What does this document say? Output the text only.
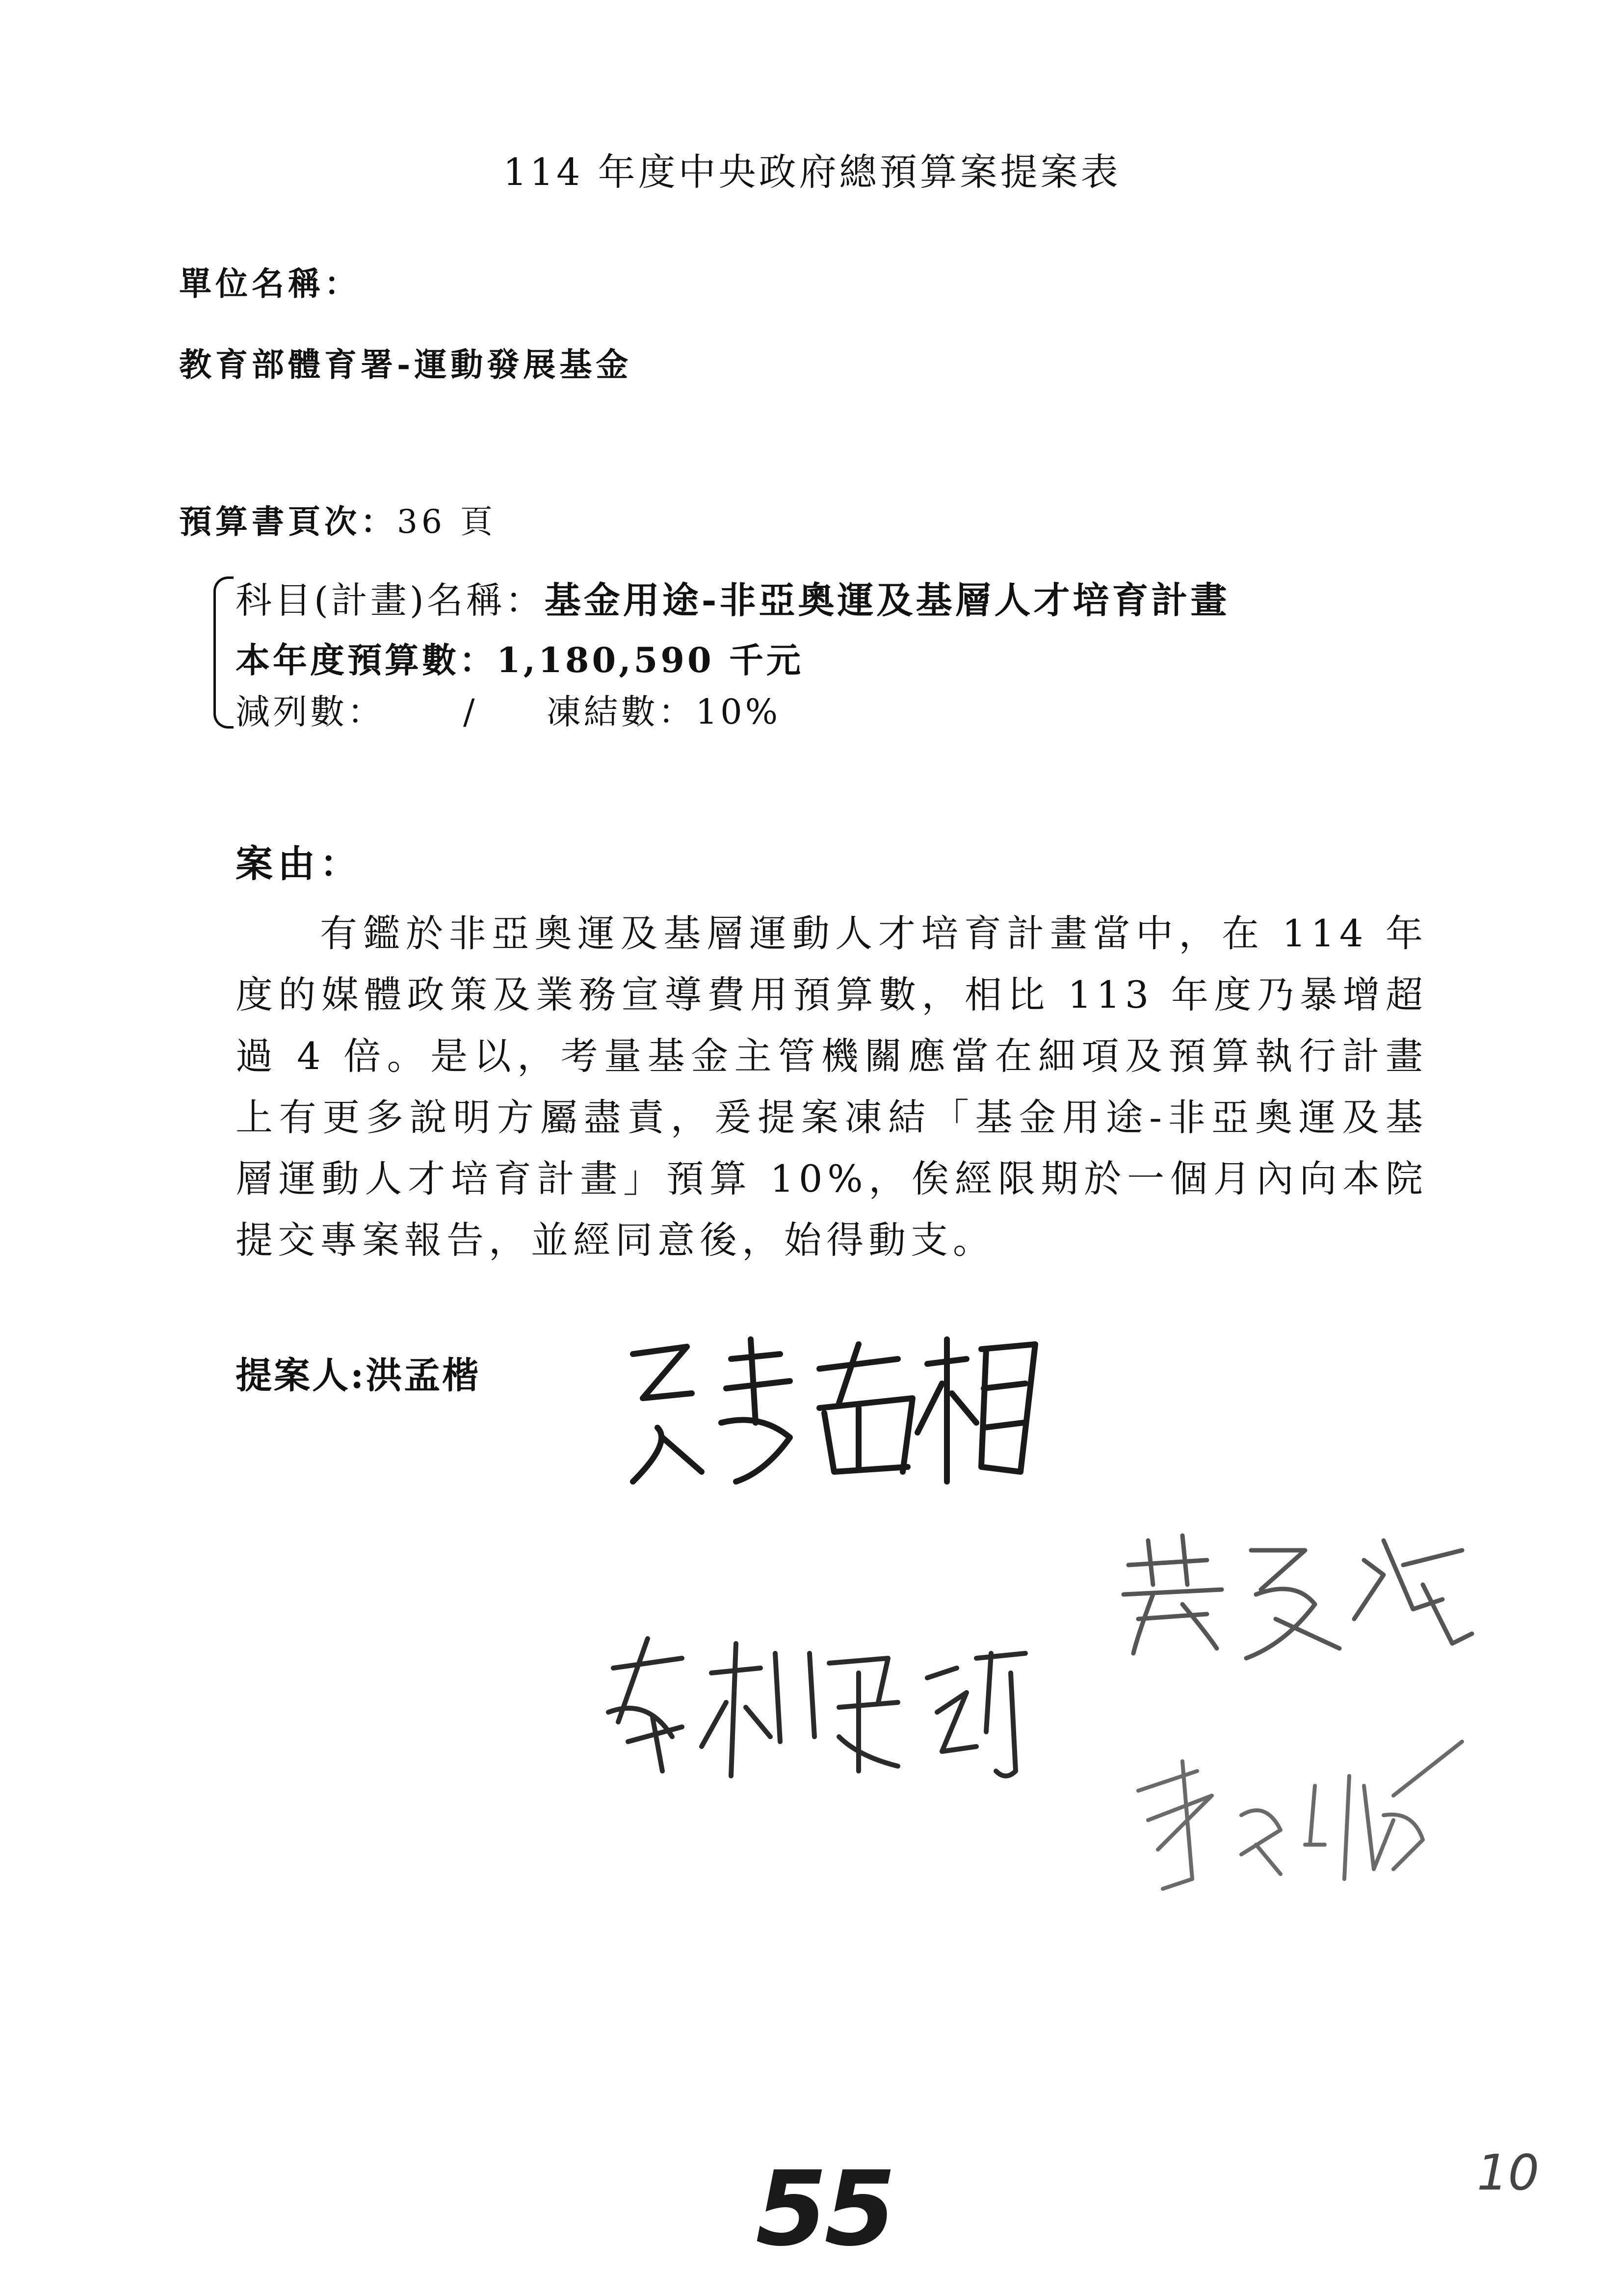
114 年度中央政府總預算案提案表
單位名稱：
教育部體育署-運動發展基金
預算書頁次：36 頁
科目(計畫)名稱：基金用途-非亞奧運及基層人才培育計畫
本年度預算數：1,180,590 千元
減列數： / 凍結數：10%
案由：
有鑑於非亞奧運及基層運動人才培育計畫當中，在 114 年度的媒體政策及業務宣導費用預算數，相比 113 年度乃暴增超過 4 倍。是以，考量基金主管機關應當在細項及預算執行計畫上有更多說明方屬盡責，爰提案凍結「基金用途-非亞奧運及基層運動人才培育計畫」預算 10%，俟經限期於一個月內向本院提交專案報告，並經同意後，始得動支。
提案人:洪孟楷
55	10
